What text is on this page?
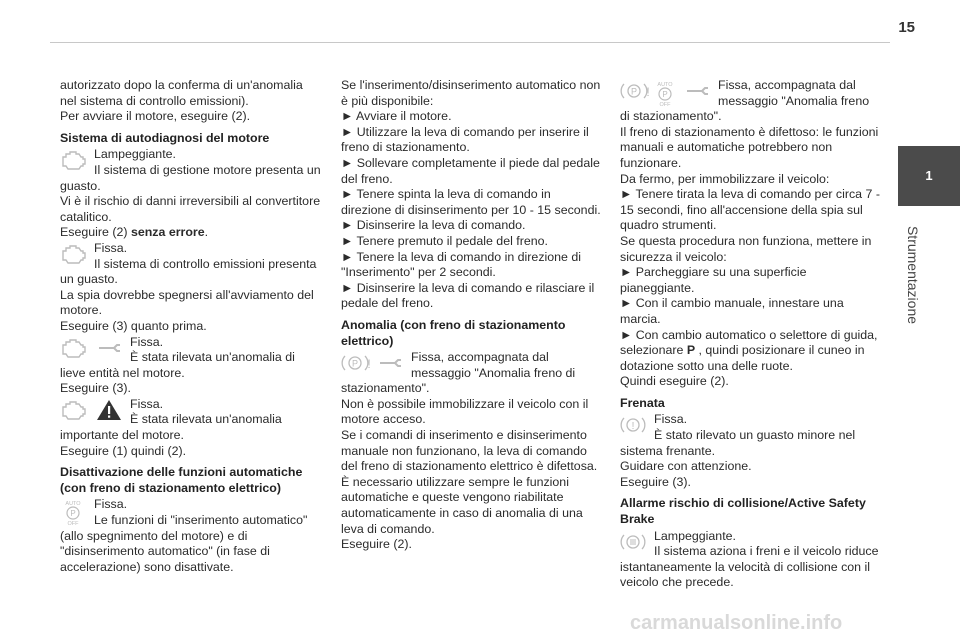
15
1
Strumentazione

autorizzato dopo la conferma di un'anomalia nel sistema di controllo emissioni).

Per avviare il motore, eseguire (2).

Sistema di autodiagnosi del motore

Lampeggiante.

Il sistema di gestione motore presenta un guasto.

Vi è il rischio di danni irreversibili al convertitore catalitico.

Eseguire (2) senza errore.

Fissa.

Il sistema di controllo emissioni presenta un guasto.

La spia dovrebbe spegnersi all'avviamento del motore.

Eseguire (3) quanto prima.

Fissa.

È stata rilevata un'anomalia di lieve entità nel motore.

Eseguire (3).

Fissa.

È stata rilevata un'anomalia importante del motore.

Eseguire (1) quindi (2).

Disattivazione delle funzioni automatiche (con freno di stazionamento elettrico)
AUTO
P
OFF

Fissa.

Le funzioni di "inserimento automatico" (allo spegnimento del motore) e di "disinserimento automatico" (in fase di accelerazione) sono disattivate.

Se l'inserimento/disinserimento automatico non è più disponibile:

► Avviare il motore.

► Utilizzare la leva di comando per inserire il freno di stazionamento.

► Sollevare completamente il piede dal pedale del freno.

► Tenere spinta la leva di comando in direzione di disinserimento per 10 - 15 secondi.

► Disinserire la leva di comando.

► Tenere premuto il pedale del freno.

► Tenere la leva di comando in direzione di "Inserimento" per 2 secondi.

► Disinserire la leva di comando e rilasciare il pedale del freno.

Anomalia (con freno di stazionamento elettrico)
P !	Fissa, accompagnata dal messaggio "Anomalia freno di stazionamento".

Non è possibile immobilizzare il veicolo con il motore acceso.

Se i comandi di inserimento e disinserimento manuale non funzionano, la leva di comando del freno di stazionamento elettrico è difettosa.

È necessario utilizzare sempre le funzioni automatiche e queste vengono riabilitate automaticamente in caso di anomalia di una leva di comando.

Eseguire (2).

P ! AUTO
P
OFF

Fissa, accompagnata dal messaggio "Anomalia freno di stazionamento".

Il freno di stazionamento è difettoso: le funzioni manuali e automatiche potrebbero non funzionare.

Da fermo, per immobilizzare il veicolo:

► Tenere tirata la leva di comando per circa 7 - 15 secondi, fino all'accensione della spia sul quadro strumenti.

Se questa procedura non funziona, mettere in sicurezza il veicolo:

► Parcheggiare su una superficie pianeggiante.

► Con il cambio manuale, innestare una marcia.

► Con cambio automatico o selettore di guida, selezionare P , quindi posizionare il cuneo in dotazione sotto una delle ruote.

Quindi eseguire (2).

Frenata
!

Fissa.

È stato rilevato un guasto minore nel sistema frenante.

Guidare con attenzione.

Eseguire (3).

Allarme rischio di collisione/Active Safety Brake

Lampeggiante.

Il sistema aziona i freni e il veicolo riduce istantaneamente la velocità di collisione con il veicolo che precede.

carmanualsonline.info
